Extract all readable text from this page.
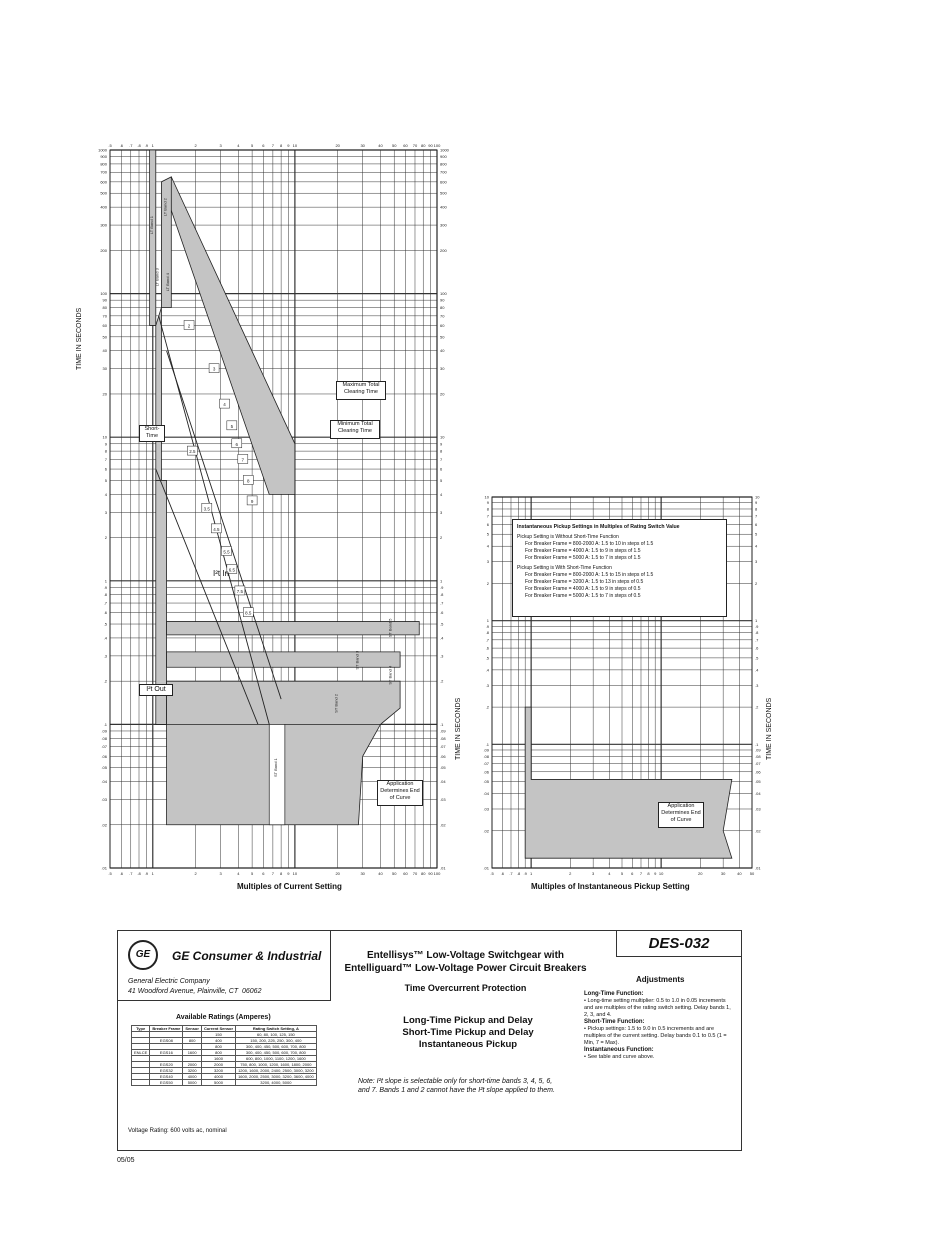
.5
.5
.6
.6
.7
.7
.8
.8
.9
.9
1
1
2
2
3
3
4
4
5
5
6
6
7
7
8
8
9
9
10
10
20
20
30
30
40
40
50
50
60
60
70
70
80
80
90
90
100
100
.01	.01
.02	.02
.03	.03
.04	.04
.05	.05
.06	.06
.07	.07
.08	.08
.09	.09
.1	.1
.2	.2
.3	.3
.4	.4
.5	.5
.6	.6
.7	.7
.8	.8
.9	.9
1	1
2	2
3	3
4	4
5	5
6	6
7	7
8	8
9	9
10	10
20	20
30	30
40	40
50	50
60	60
70	70
80	80
90	90
100	100
200	200
300	300
400	400
500	500
600	600
700	700
800	800
900	900
1000	1000
2
3
4
5
6
7
8
9
2.5
3.5
4.5
5.5
6.5
7.5
8.5
LT Band 1
LT Band 2
LT Band 3 LT Band 4
ST Band 1
ST Band 2
ST Band 3
ST Band 4
ST Band 5
.5 .6 .7 .8 .9 1	2	3	4	5 6 7 8 9 10	20	30	40 50
.01	.01
.02	.02
.03	.03
.04	.04
.05	.05
.06	.06
.07	.07
.08	.08
.09	.09
.1	.1
.2	.2
.3	.3
.4	.4
.5	.5
.6	.6
.7	.7
.8	.8
.9	.9
1	1
2	2
3	3
4	4
5	5
6	6
7	7
8	8
9	9
10	10
TIME IN SECONDS
TIME IN SECONDS	TIME IN SECONDS
Multiples of Current Setting	Multiples of Instantaneous Pickup Setting
Maximum Total Clearing Time
Minimum Total Clearing Time
Short-Time
I²t Out
I²t In
Application Determines End of Curve
Application Determines End of Curve
Instantaneous Pickup Settings in Multiples of Rating Switch Value
Pickup Setting is Without Short-Time Function
For Breaker Frame = 800-2000 A: 1.5 to 10 in steps of 1.5
For Breaker Frame = 4000 A: 1.5 to 9 in steps of 1.5
For Breaker Frame = 5000 A: 1.5 to 7 in steps of 1.5
Pickup Setting is With Short-Time Function
For Breaker Frame = 800-2000 A: 1.5 to 15 in steps of 1.5
For Breaker Frame = 3200 A: 1.5 to 13 in steps of 0.5
For Breaker Frame = 4000 A: 1.5 to 9 in steps of 0.5
For Breaker Frame = 5000 A: 1.5 to 7 in steps of 0.5
GE	GE Consumer & Industrial
General Electric Company
41 Woodford Avenue, Plainville, CT  06062
DES-032
Entellisys™ Low-Voltage Switchgear with
Entelliguard™ Low-Voltage Power Circuit Breakers
Time Overcurrent Protection
Long-Time Pickup and Delay
Short-Time Pickup and Delay
Instantaneous Pickup
Note: I²t slope is selectable only for short-time bands 3, 4, 5, 6, and 7. Bands 1 and 2 cannot have the I²t slope applied to them.
Adjustments
Long-Time Function:
• Long-time setting multiplier: 0.5 to 1.0 in 0.05 increments and are multiples of the rating switch setting. Delay bands 1, 2, 3, and 4.
Short-Time Function:
• Pickup settings: 1.5 to 9.0 in 0.5 increments and are multiples of the current setting. Delay bands 0.1 to 0.5 (1 = Min, 7 = Max).
Instantaneous Function:
• See table and curve above.
Available Ratings (Amperes)
Type	Breaker Frame	Sensor	Current Sensor	Rating Switch Setting, A
			150	60, 80, 100, 125, 150
	EGS08	800	400	150, 200, 225, 250, 300, 400
			800	300, 400, 450, 500, 600, 700, 800
ENLCE	EGS16	1600	800	300, 400, 450, 500, 600, 700, 800
			1600	600, 800, 1000, 1100, 1200, 1600
	EGS20	2000	2000	750, 800, 1000, 1200, 1600, 1800, 2000
	EGS32	3200	3200	1200, 1600, 2000, 2400, 2500, 3000, 3200
	EGS40	4000	4000	1600, 2000, 2500, 3000, 3200, 3600, 4000
	EGS50	5000	5000	3200, 4000, 5000
Voltage Rating: 600 volts ac, nominal
05/05
